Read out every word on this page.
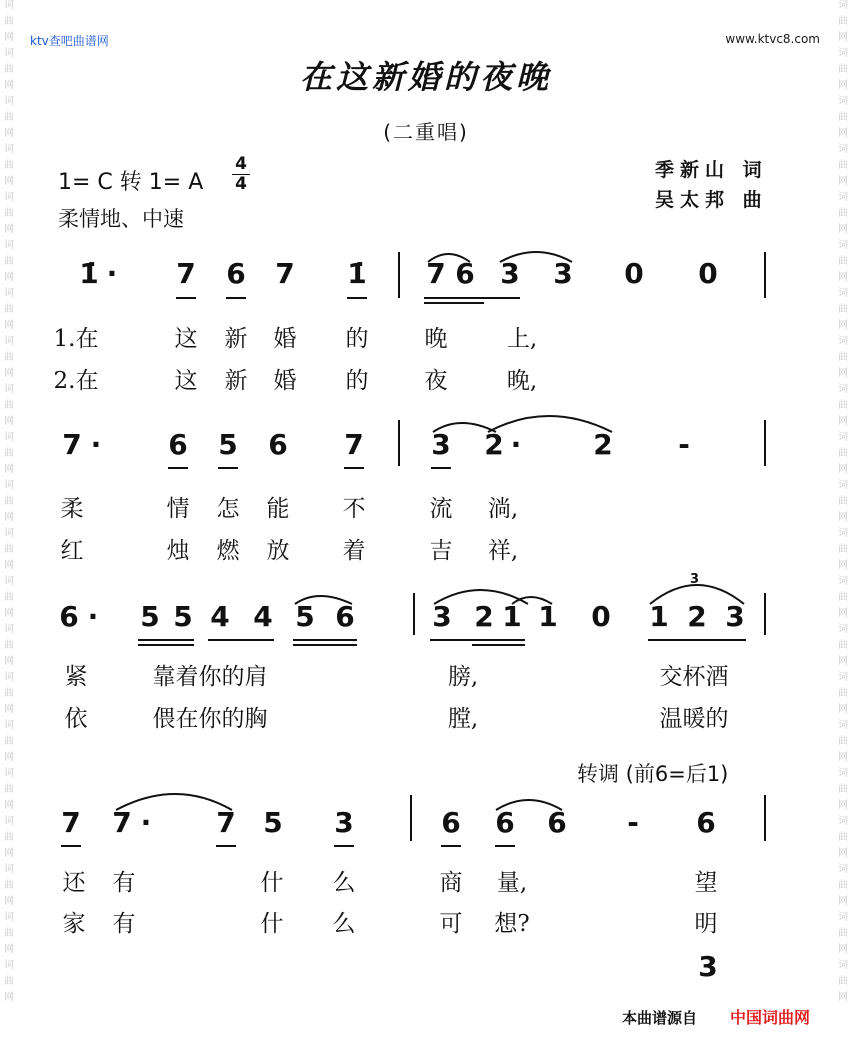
词
曲
网
词
曲
网
词
曲
网
词
曲
网
词
曲
网
词
曲
网
词
曲
网
词
曲
网
词
曲
网
词
曲
网
词
曲
网
词
曲
网
词
曲
网
词
曲
网
词
曲
网
词
曲
网
词
曲
网
词
曲
网
词
曲
网
词
曲
网
词
曲
网
词
曲
网
词
曲
网
词
曲
网
词
曲
网
词
曲
网
词
曲
网
词
曲
网
词
曲
网
词
曲
网
词
曲
网
词
曲
网
词
曲
网
词
曲
网
词
曲
网
词
曲
网
词
曲
网
词
曲
网
词
曲
网
词
曲
网
词
曲
网
词
曲
网
ktv查吧曲谱网	www.ktvc8.com
在这新婚的夜晚
(二重唱)
1= C 转 1= A
4
4
柔情地、中速
季新山 词
吴太邦 曲
1̇ · 7 6 7 1̇ 7 6 3 3 0 0
1.在	这 新 婚 的 晚	上,
2.在	这 新 婚 的 夜	晚,
7 · 6 5 6 7 3 2 ·	2 -
柔	情 怎 能 不	流 淌,
红	烛 燃 放 着	吉 祥,
6 · 5 5 4 4 5 6	3 2 1 1 0 1 2 3
3
紧	靠着你的肩	膀,	交杯酒
依	偎在你的胸	膛,	温暖的
转调 (前6=后1)
7 7 · 7 5 3	6 6 6 - 6
还 有	什 么	商 量,	望
家 有	什 么	可 想?	明
3
本曲谱源自 中国词曲网
